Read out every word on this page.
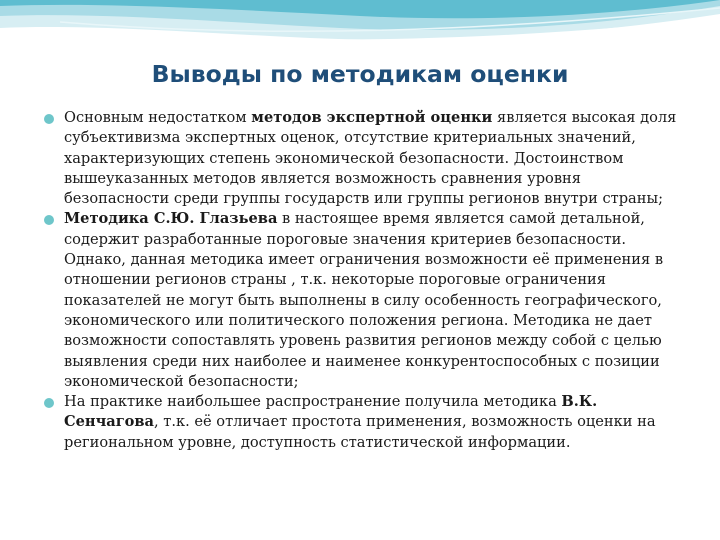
Выводы по методикам оценки
Основным недостатком методов экспертной оценки является высокая доля субъективизма экспертных оценок, отсутствие критериальных значений, характеризующих степень экономической безопасности. Достоинством вышеуказанных методов является возможность сравнения уровня безопасности среди группы государств или группы регионов внутри страны;
Методика С.Ю. Глазьева в настоящее время является самой детальной, содержит разработанные пороговые значения критериев безопасности. Однако, данная методика имеет ограничения возможности её применения в отношении регионов страны , т.к. некоторые пороговые ограничения показателей не могут быть выполнены в силу особенность географического, экономического или политического положения региона. Методика не дает возможности сопоставлять уровень развития регионов между собой с целью выявления среди них наиболее и наименее конкурентоспособных с позиции экономической безопасности;
На практике наибольшее распространение получила методика В.К. Сенчагова, т.к. её отличает простота применения, возможность оценки на региональном уровне, доступность статистической информации.
